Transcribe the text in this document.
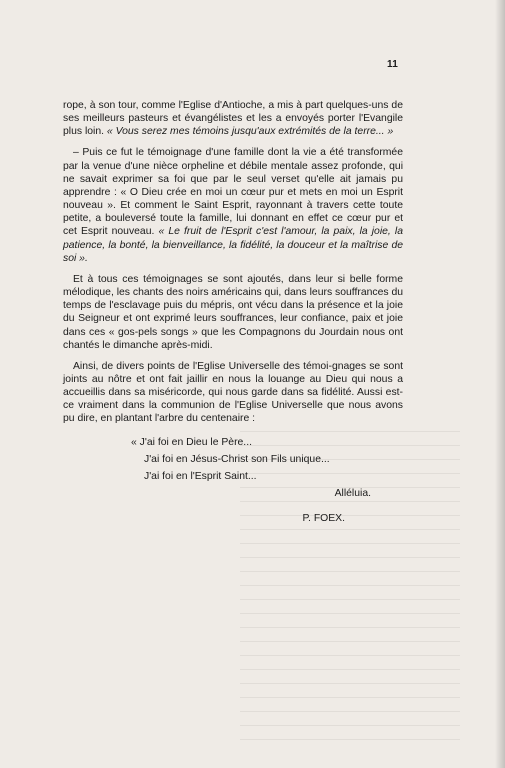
11

rope, à son tour, comme l'Eglise d'Antioche, a mis à part quelques-uns de ses meilleurs pasteurs et évangélistes et les a envoyés porter l'Evangile plus loin. « Vous serez mes témoins jusqu'aux extrémités de la terre... »

– Puis ce fut le témoignage d'une famille dont la vie a été transformée par la venue d'une nièce orpheline et débile mentale assez profonde, qui ne savait exprimer sa foi que par le seul verset qu'elle ait jamais pu apprendre : « O Dieu crée en moi un cœur pur et mets en moi un Esprit nouveau ». Et comment le Saint Esprit, rayonnant à travers cette toute petite, a bouleversé toute la famille, lui donnant en effet ce cœur pur et cet Esprit nouveau. « Le fruit de l'Esprit c'est l'amour, la paix, la joie, la patience, la bonté, la bienveillance, la fidélité, la douceur et la maîtrise de soi ».

Et à tous ces témoignages se sont ajoutés, dans leur si belle forme mélodique, les chants des noirs américains qui, dans leurs souffrances du temps de l'esclavage puis du mépris, ont vécu dans la présence et la joie du Seigneur et ont exprimé leurs souffrances, leur confiance, paix et joie dans ces « gos-pels songs » que les Compagnons du Jourdain nous ont chantés le dimanche après-midi.

Ainsi, de divers points de l'Eglise Universelle des témoi-gnages se sont joints au nôtre et ont fait jaillir en nous la louange au Dieu qui nous a accueillis dans sa miséricorde, qui nous garde dans sa fidélité. Aussi est-ce vraiment dans la communion de l'Eglise Universelle que nous avons pu dire, en plantant l'arbre du centenaire :

« J'ai foi en Dieu le Père...
J'ai foi en Jésus-Christ son Fils unique...
J'ai foi en l'Esprit Saint...

Alléluia.

P. FOEX.
